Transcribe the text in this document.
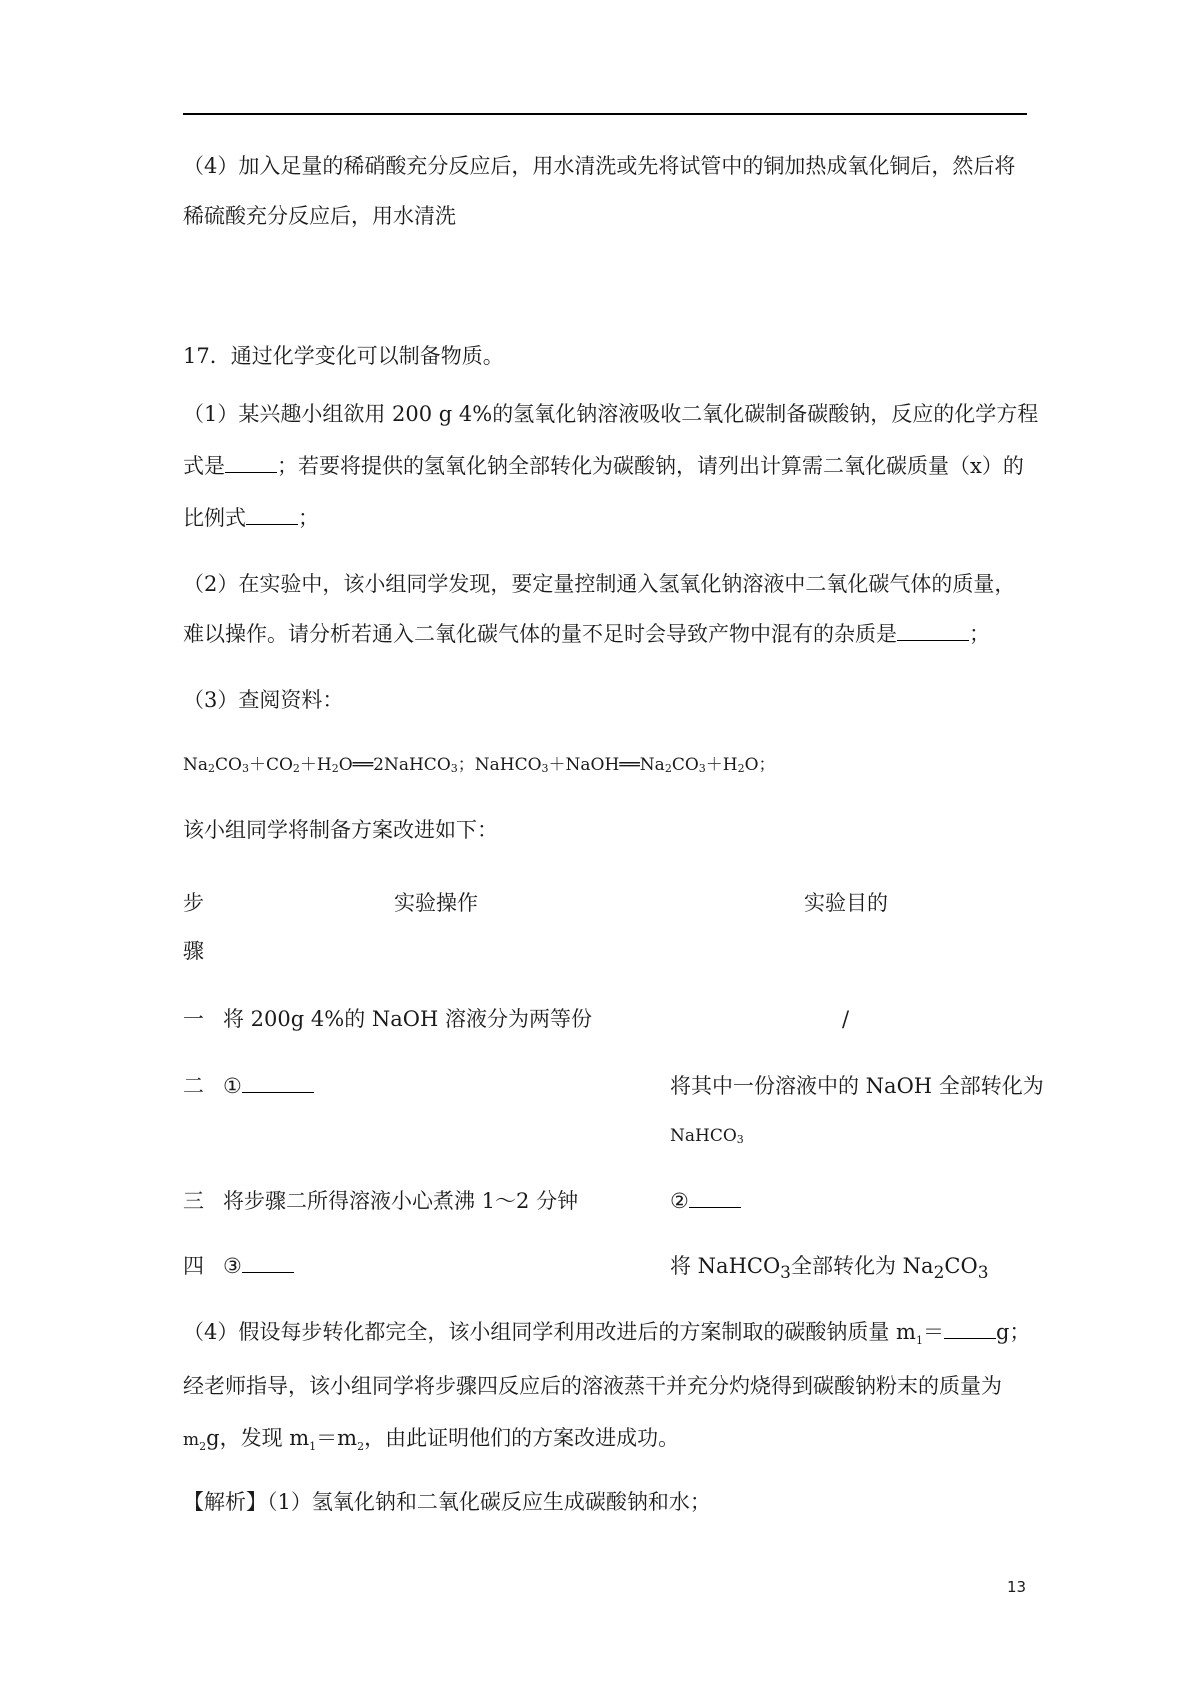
（4）加入足量的稀硝酸充分反应后，用水清洗或先将试管中的铜加热成氧化铜后，然后将
稀硫酸充分反应后，用水清洗
17．通过化学变化可以制备物质。
（1）某兴趣小组欲用 200 g 4%的氢氧化钠溶液吸收二氧化碳制备碳酸钠，反应的化学方程
式是 ；若要将提供的氢氧化钠全部转化为碳酸钠，请列出计算需二氧化碳质量（x）的
比例式 ；
（2）在实验中，该小组同学发现，要定量控制通入氢氧化钠溶液中二氧化碳气体的质量，
难以操作。请分析若通入二氧化碳气体的量不足时会导致产物中混有的杂质是	；
（3）查阅资料：
$Na_2CO_3+CO_2+H_2O══2NaHCO_3$；$NaHCO_3+NaOH══Na_2CO_3+H_2O$；
该小组同学将制备方案改进如下：
步
骤
实验操作	实验目的
一 将 200g 4%的 NaOH 溶液分为两等份	/
二 ①	将其中一份溶液中的 NaOH 全部转化为
NaHCO$_3$
三 将步骤二所得溶液小心煮沸 1～2 分钟	②
四 ③	将 NaHCO$_3$全部转化为 $Na_2CO_3$
（4）假设每步转化都完全，该小组同学利用改进后的方案制取的碳酸钠质量 $m_1= g$；
经老师指导，该小组同学将步骤四反应后的溶液蒸干并充分灼烧得到碳酸钠粉末的质量为
$m_2g$，发现 $m_1=m_2$，由此证明他们的方案改进成功。
【解析】（1）氢氧化钠和二氧化碳反应生成碳酸钠和水；
13
